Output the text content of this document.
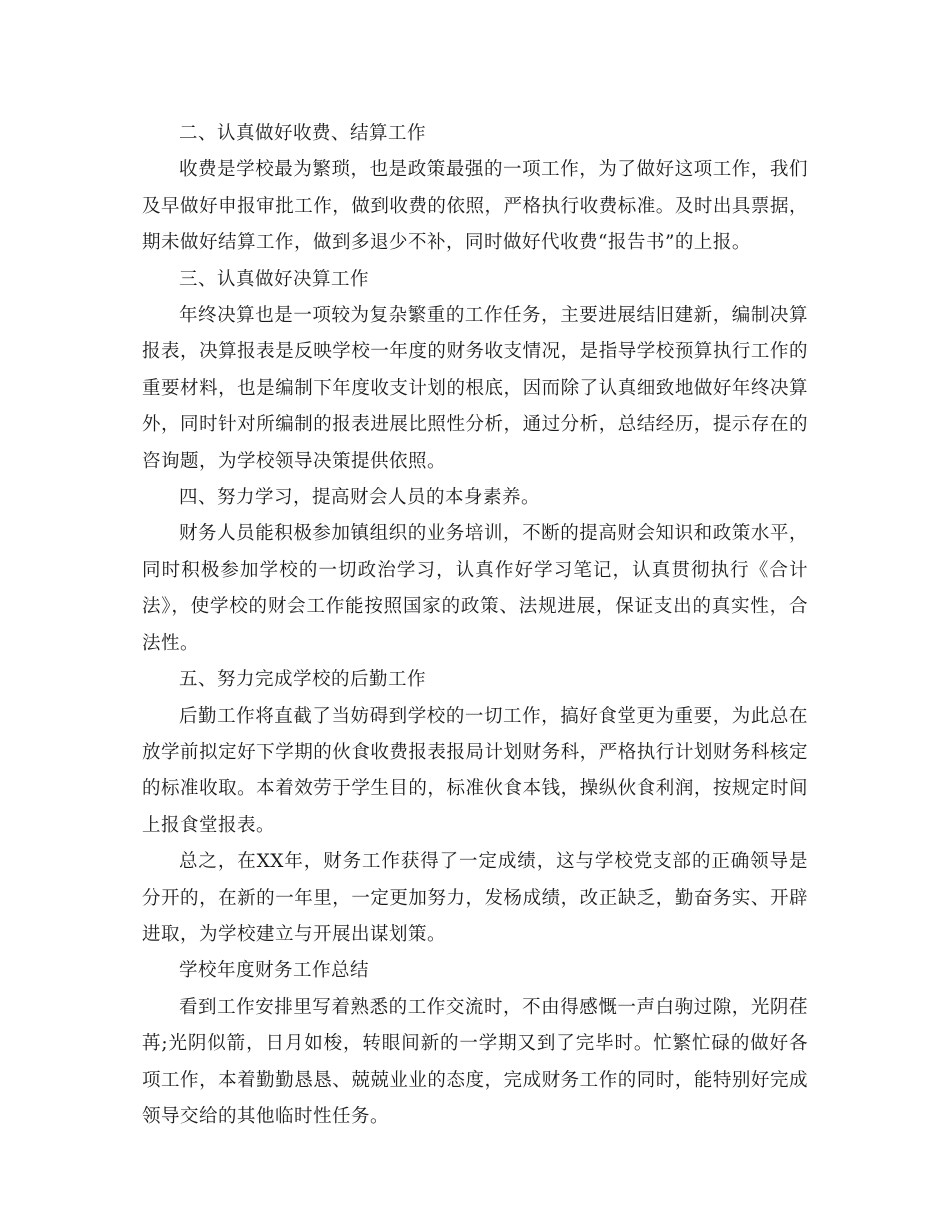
二、认真做好收费、结算工作

收费是学校最为繁琐，也是政策最强的一项工作，为了做好这项工作，我们及早做好申报审批工作，做到收费的依照，严格执行收费标准。及时出具票据，期未做好结算工作，做到多退少不补，同时做好代收费“报告书”的上报。

三、认真做好决算工作

年终决算也是一项较为复杂繁重的工作任务，主要进展结旧建新，编制决算报表，决算报表是反映学校一年度的财务收支情况，是指导学校预算执行工作的重要材料，也是编制下年度收支计划的根底，因而除了认真细致地做好年终决算外，同时针对所编制的报表进展比照性分析，通过分析，总结经历，提示存在的咨询题，为学校领导决策提供依照。

四、努力学习，提高财会人员的本身素养。

财务人员能积极参加镇组织的业务培训，不断的提高财会知识和政策水平，同时积极参加学校的一切政治学习，认真作好学习笔记，认真贯彻执行《合计法》，使学校的财会工作能按照国家的政策、法规进展，保证支出的真实性，合法性。

五、努力完成学校的后勤工作

后勤工作将直截了当妨碍到学校的一切工作，搞好食堂更为重要，为此总在放学前拟定好下学期的伙食收费报表报局计划财务科，严格执行计划财务科核定的标准收取。本着效劳于学生目的，标准伙食本钱，操纵伙食利润，按规定时间上报食堂报表。

总之，在XX年，财务工作获得了一定成绩，这与学校党支部的正确领导是分开的，在新的一年里，一定更加努力，发杨成绩，改正缺乏，勤奋务实、开辟进取，为学校建立与开展出谋划策。

学校年度财务工作总结

看到工作安排里写着熟悉的工作交流时，不由得感慨一声白驹过隙，光阴荏苒;光阴似箭，日月如梭，转眼间新的一学期又到了完毕时。忙繁忙碌的做好各项工作，本着勤勤恳恳、兢兢业业的态度，完成财务工作的同时，能特别好完成领导交给的其他临时性任务。
